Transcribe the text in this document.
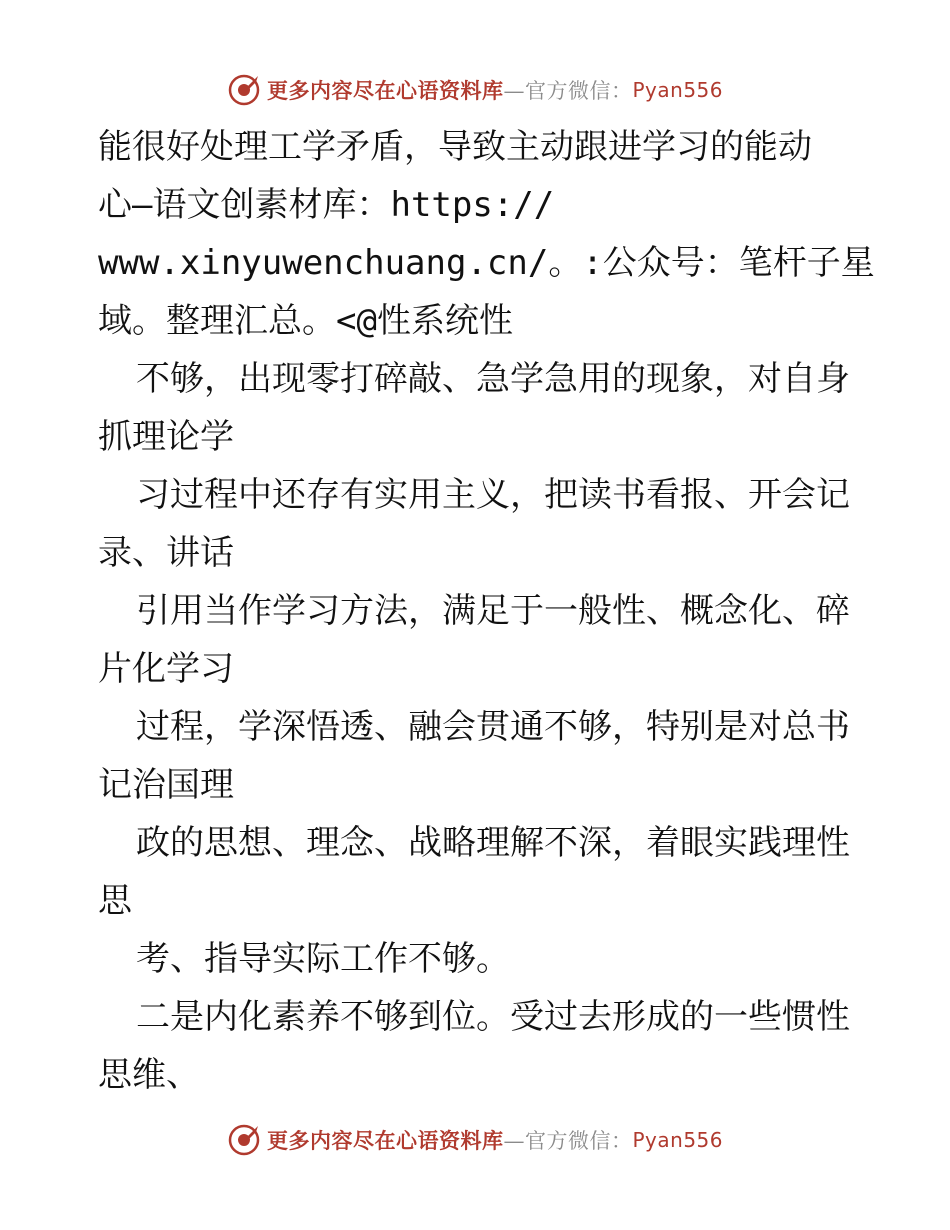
更多内容尽在心语资料库 —官方微信： Pyan556
能很好处理工学矛盾，导致主动跟进学习的能动
心—语文创素材库：https://
www.xinyuwenchuang.cn/。:公众号：笔杆子星
域。整理汇总。<@性系统性
不够，出现零打碎敲、急学急用的现象，对自身
抓理论学
习过程中还存有实用主义，把读书看报、开会记
录、讲话
引用当作学习方法，满足于一般性、概念化、碎
片化学习
过程，学深悟透、融会贯通不够，特别是对总书
记治国理
政的思想、理念、战略理解不深，着眼实践理性
思
考、指导实际工作不够。
二是内化素养不够到位。受过去形成的一些惯性
思维、
更多内容尽在心语资料库 —官方微信： Pyan556
